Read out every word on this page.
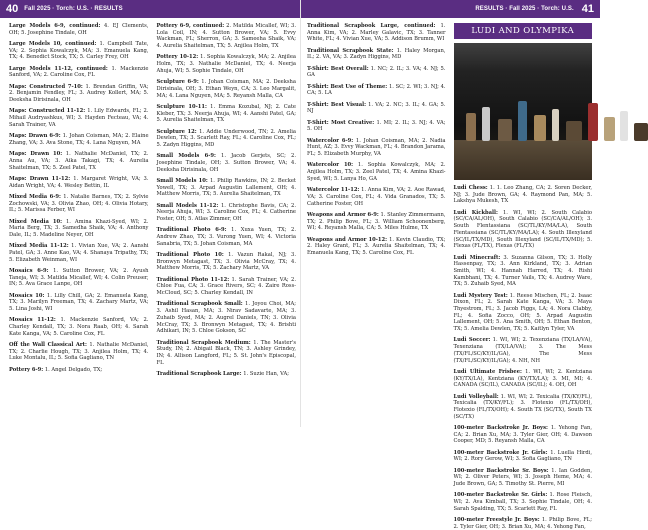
40	Fall 2025 · Torch: U.S. · RESULTS

Large Models 6-9, continued: 4. EJ Clements, OH; 5. Josephine Tindale, OH

Large Models 10, continued: 1. Campbell Tate, VA; 2. Sophia Kowalczyk, MA; 3. Emanuela Kang, TX; 4. Benedict Stock, TX; 5. Carley Frey, OH

Large Models 11-12, continued: 1. Mackenzie Sanford, VA; 2. Caroline Cox, FL

Maps: Constructed 7-10: 1. Brendan Griffin, VA; 2. Benjamin Fendley, FL; 3. Audrey Kollert, MA; 5. Deeksha Dirisinala, OH

Maps: Constructed 11-12: 1. Lily Edwards, FL; 2. Mihail Audryashkus, WI; 3. Hayden Fecteau, VA; 4. Sarah Trainer, VA

Maps: Drawn 6-9: 1. Johan Coisman, MA; 2. Elaine Zhang, VA; 3. Ava Stone, TX; 4. Lana Nguyen, MA

Maps: Drawn 10: 1. Nathalie McDaniel, TX; 2. Anna Au, VA; 3. Aika Takagi, TX; 4. Aurelia Shaitelman, TX; 5. Zeel Patel, TX

Maps: Drawn 11-12: 1. Margaret Wright, VA; 3. Aidan Wright, VA; 4. Wesley Bettin, IL

Mixed Media 6-9: 1. Natalie Barnes, TX; 2. Sylvie Zochowski, VA; 3. Olivia Zhao, OH; 4. Olivia Hotary, IL; 5. Marissa Ferber, WI

Mixed Media 10: 1. Amina Khazi-Syed, WI; 2. Maria Berg, TX; 3. Samedha Shaik, VA; 4. Anthony Dale, IL; 5. Madeline Neyer, OH

Mixed Media 11-12: 1. Vivian Xue, VA; 2. Aanshi Patel, GA; 3. Anne Kao, VA; 4. Shanaya Tripathy, TX; 5. Elizabeth Weinman, WI

Mosaics 6-9: 1. Sutton Brower, VA; 2. Ayush Taneja, WI; 3. Matilda Micallef, WI; 4. Colin Preuser, IN; 5. Ava Grace Lanpe, OH

Mosaics 10: 1. Lilly Chill, GA; 2. Emanuela Kang, TX; 3. Marilyn Freeman, TX; 4. Zachary Martz, VA; 5. Lina Joshi, WI

Mosaics 11-12: 1. Mackenzie Sanford, VA; 2. Charley Kendall, TX; 3. Nora Raab, OH; 4. Sarah Kate Kanga, VA; 5. Caroline Cox, FL

Off the Wall Classical Art: 1. Nathalie McDaniel, TX; 2. Charlie Hough, TX; 3. Anjilea Holm, TX; 4. Luke Montalu, IL; 5. Sofia Gagliano, TN

Pottery 6-9: 1. Angel Delgado, TX;

Pottery 6-9, continued: 2. Matilda Micallef, WI; 3. Lola Coil, IN; 4. Sutton Brower, VA; 5. Evvy Wackman, FL; Sherron, GA; 3. Sameeha Shaik, VA; 4. Aurelia Shaitelman, TX; 5. Anjilea Holm, TX

Pottery 10-12: 1. Sophia Kowalczyk, MA; 2. Anjilea Holm, TX; 3. Nathalie McDaniel, TX; 4. Neerja Ahuja, WI; 5. Sophie Tindale, OH

Sculpture 6-9: 1. Johan Coisman, MA; 2. Deeksha Dirisinala, OH; 3. Ethan Weyn, CA; 3. Leo Margalit, MA; 4. Lana Nguyen, MA; 5. Reyansh Malla, CA

Sculpture 10-11: 1. Emma Kozubal, NJ; 2. Cate Kleber, TX; 3. Neerja Ahuja, WI; 4. Aanshi Patel, GA; 5. Aurelia Shaitelman, TX

Sculpture 12: 1. Addie Underwood, TN; 2. Amelia Dewlen, TX; 3. Scarlett Ray, FL; 4. Caroline Cox, FL; 5. Zadyn Higgins, MD

Small Models 6-9: 1. Jacob Gerjets, SC; 2. Josephine Tindale, OH; 3. Sutton Brower, VA; 4. Deeksha Dirisinala, OH

Small Models 10: 1. Philip Rawkins, IN; 2. Becket Yowell, TX; 3. Arpad Augustin Lallement, OH; 4. Matthew Morris, TX; 5. Aurelia Shaitelman, TX

Small Models 11-12: 1. Christophe Bavis, CA; 2. Neerja Ahuja, WI; 3. Caroline Cox, FL; 4. Catherine Foster, OH; 5. Atlas Zimmer, OH

Traditional Photo 6-9: 1. Xuxa Yuen, TX; 2. Andrew Zhao, TX; 3. Vurong Yuen, WI; 4. Victoria Sanabria, TX; 5. Johan Coisman, MA

Traditional Photo 10: 1. Vazun Rakal, NJ; 3. Bronwyn Metagast, TX; 3. Olivia McCray, TX; 4. Matthew Morris, TX; 5. Zachary Martz, VA

Traditional Photo 11-12: 1. Sarah Trainer, VA; 2. Chloe Fua, CA; 3. Grace Rivers, SC; 4. Zaire Ross-McCloud, SC; 5. Charley Kendall, IN

Traditional Scrapbook Small: 1. Joyou Choi, MA; 3. Ashil Hasan, MA; 3. Nirav Sadavarte, MA; 3. Zuhaib Syed, MA; 2. Augrel Daniels, TN; 3. Olivia McCray, TX; 3. Bronwyn Metagast, TX; 4. Brishti Adhikari, IN; 5. Chloe Gokson, SC

Traditional Scrapbook Medium: 1. The Master's Study, IN; 2. Abigail Black, TN; 3. Ashley Grindey, IN; 4. Allison Langford, FL; 5. St. John's Episcopal, FL

Traditional Scrapbook Large: 1. Suzie Han, VA;

RESULTS · Fall 2025 · Torch: U.S. 41

Traditional Scrapbook Large, continued: 1. Anna Kim, VA; 2. Marley Galavic, TX; 3. Tanner White, FL; 4. Vivian Xue, VA; 5. Addison Brumm, WI

Traditional Scrapbook State: 1. Haley Morgan, IL; 2. VA, VA; 3. Zadyn Higgins, MD

T-Shirt: Best Overall: 1. NC; 2. IL; 3. VA; 4. NJ; 5. GA

T-Shirt: Best Use of Theme: 1. SC; 2. WI; 3. NJ; 4. CA; 5. LA

T-Shirt: Best Visual: 1. VA; 2. NC; 3. IL; 4. GA; 5. NJ

T-Shirt: Most Creative: 1. MI; 2. IL; 3. NJ; 4. VA; 5. OH

Watercolor 6-9: 1. Johan Coisman, MA; 2. Nadia Hunt, AZ; 3. Evvy Wackman, FL; 4. Brandon Jarama, FL; 5. Elizabeth Murphy, VA

Watercolor 10: 1. Sophia Kowalczyk, MA; 2. Anjilea Holm, TX; 3. Zeel Patel, TX; 4. Amina Khazi-Syed, WI; 5. Lanya Ho, GA

Watercolor 11-12: 1. Anna Kim, VA; 2. Aoe Rawad, VA; 3. Caroline Cox, FL; 4. Vida Granados, TX; 5. Catherine Foster, OH

Weapons and Armor 6-9: 1. Stanley Zimmermann, TX; 2. Philip Bove, FL; 3. William Schoonenberg, WI; 4. Reyansh Malla, CA; 5. Miles Hulme, TX

Weapons and Armor 10-12: 1. Kevin Claudio, TX; 2. Haley Grant, FL; 3. Aurelia Shaitelman, TX; 4. Emanuela Kang, TX; 5. Caroline Cox, FL

LUDI AND OLYMPIKA

Ludi Chess: 1. 1. Leo Zhang, CA; 2. Soren Decker, NJ; 3. Jude Brown, GA; 4. Raymond Pan, MA; 5. Lakshya Mukesh, TX

Ludi Kickball: 1. WI, WI; 2. South Calabio (SC/CA/AL/OH), South Calabio (SC/CA/AL/OH); 3. South Flentassiana (SC/TL/KY/MA/LA), South Flentassiana (SC/TL/KY/MA/LA); 4. South Illexyland (SC/IL/TX/MD), South Illexyland (SC/IL/TX/MD); 5. Flexas (FL/TX), Flexas (FL/TX)

Ludi Minecraft: 3. Suzanna Gilson, TX; 3. Holly Hassenpay, TX; 3. Ann Kirkland, TX; 3. Adrian Smith, WI; 4. Hannah Harred, TX; 4. Rishi Kambhani, TX; 4. Turner Vails, TX; 4. Audrey Ware, TX; 5. Zuhaib Syed, MA

Ludi Mystery Test: 1. Reese Mischen, FL; 2. Isaac Dixon, FL; 2. Sarah Kate Kanga, VA; 3. Maya Thyestrom, FL; 3. Jacob Figgs, LA; 4. Nora Clabby, FL; 4. Sofia Zocco, OH; 5. Arpad Augustin Lallement, OH; 5. Ana Smith, OH; 5. Ethan Benton, TX; 5. Amelia Dewlen, TX; 5. Kaitlyn Tyler, VA

Ludi Soccer: 1. WI, WI; 2. Texenziana (TX/LA/VA), Texenziana (TX/LA/VA); 3. The Mess (TX/FL/SC/KY/IL/GA), The Mess (TX/FL/SC/KY/IL/GA); 4. NH, NH

Ludi Ultimate Frisbee: 1. WI, WI; 2. Kentziana (KY/TX/LA), Kentziana (KY/TX/LA); 3. MI, MI; 4. CANADA (SC/IL), CANADA (SC/IL); 4. OH, OH

Ludi Volleyball: 1. WI, WI; 2. Texicalia (TX/KY/FL), Texicalia (TX/KY/FL); 3. Flotexio (FL/TX/OH), Flotexio (FL/TX/OH); 4. South TX (SC/TX), South TX (SC/TX)

100-meter Backstroke Jr. Boys: 1. Yehong Fan, CA; 2. Brian Xu, MA; 3. Tyler Gier, OH; 4. Dawson Cooper, MD; 5. Reyansh Malla, CA

100-meter Backstroke Jr. Girls: 1. Luella Hirdi, WI; 2. Rory Gerow, WI; 3. Sofia Gagliano, TN

100-meter Backstroke Sr. Boys: 1. Ian Godden, WI; 2. Oliver Peters, WI; 3. Joseph Heme, MA; 4. Jude Brown, GA; 5. Timothy St. Pierre, MI

100-meter Backstroke Sr. Girls: 1. Rose Fleisch, WI; 2. Ava Kimball, TX; 3. Sophie Tindale, OH; 4. Sarah Spalding, TX; 5. Scarlett Ray, FL

100-meter Freestyle Jr. Boys: 1. Philip Bove, FL; 2. Tyler Gier, OH; 3. Brian Xu, MA; 4. Yehong Fan,
